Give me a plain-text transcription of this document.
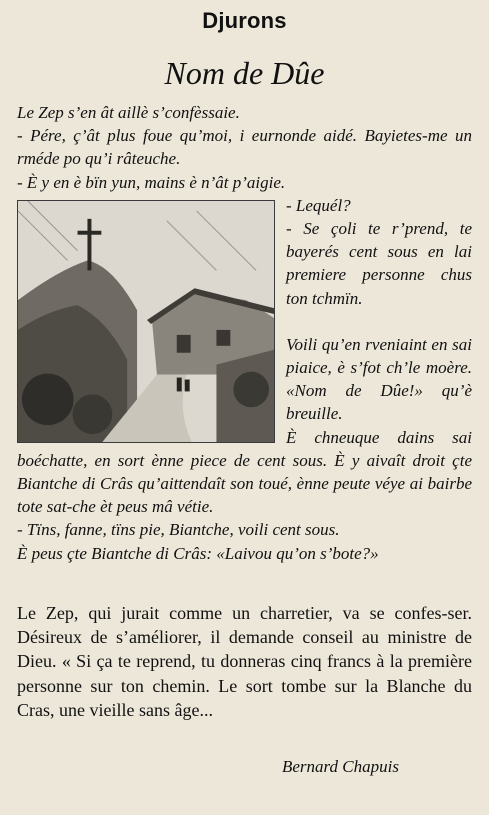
Djurons
Nom de Dûe

Le Zep s’en ât aillè s’confèssaie.

- Pére, ç’ât plus foue qu’moi, i eurnonde aidé. Bayietes-me un rméde po qu’i râteuche.

- È y en è bïn yun, mains è n’ât p’aigie.

- Lequél?

- Se çoli te r’prend, te bayerés cent sous en lai premiere personne chus ton tchmïn.

Voili qu’en rveniaint en sai piaice, è s’fot ch’le moère. «Nom de Dûe!» qu’è breuille.

È chneuque dains sai boéchatte, en sort ènne piece de cent sous. È y aivaît droit çte Biantche di Crâs qu’aittendaît son toué, ènne peute véye ai bairbe tote sat-che èt peus mâ vétie.

- Tïns, fanne, tïns pie, Biantche, voili cent sous.

È peus çte Biantche di Crâs: «Laivou qu’on s’bote?»

Le Zep, qui jurait comme un charretier, va se confes-ser. Désireux de s’améliorer, il demande conseil au ministre de Dieu. « Si ça te reprend, tu donneras cinq francs à la première personne sur ton chemin. Le sort tombe sur la Blanche du Cras, une vieille sans âge...
Bernard Chapuis
